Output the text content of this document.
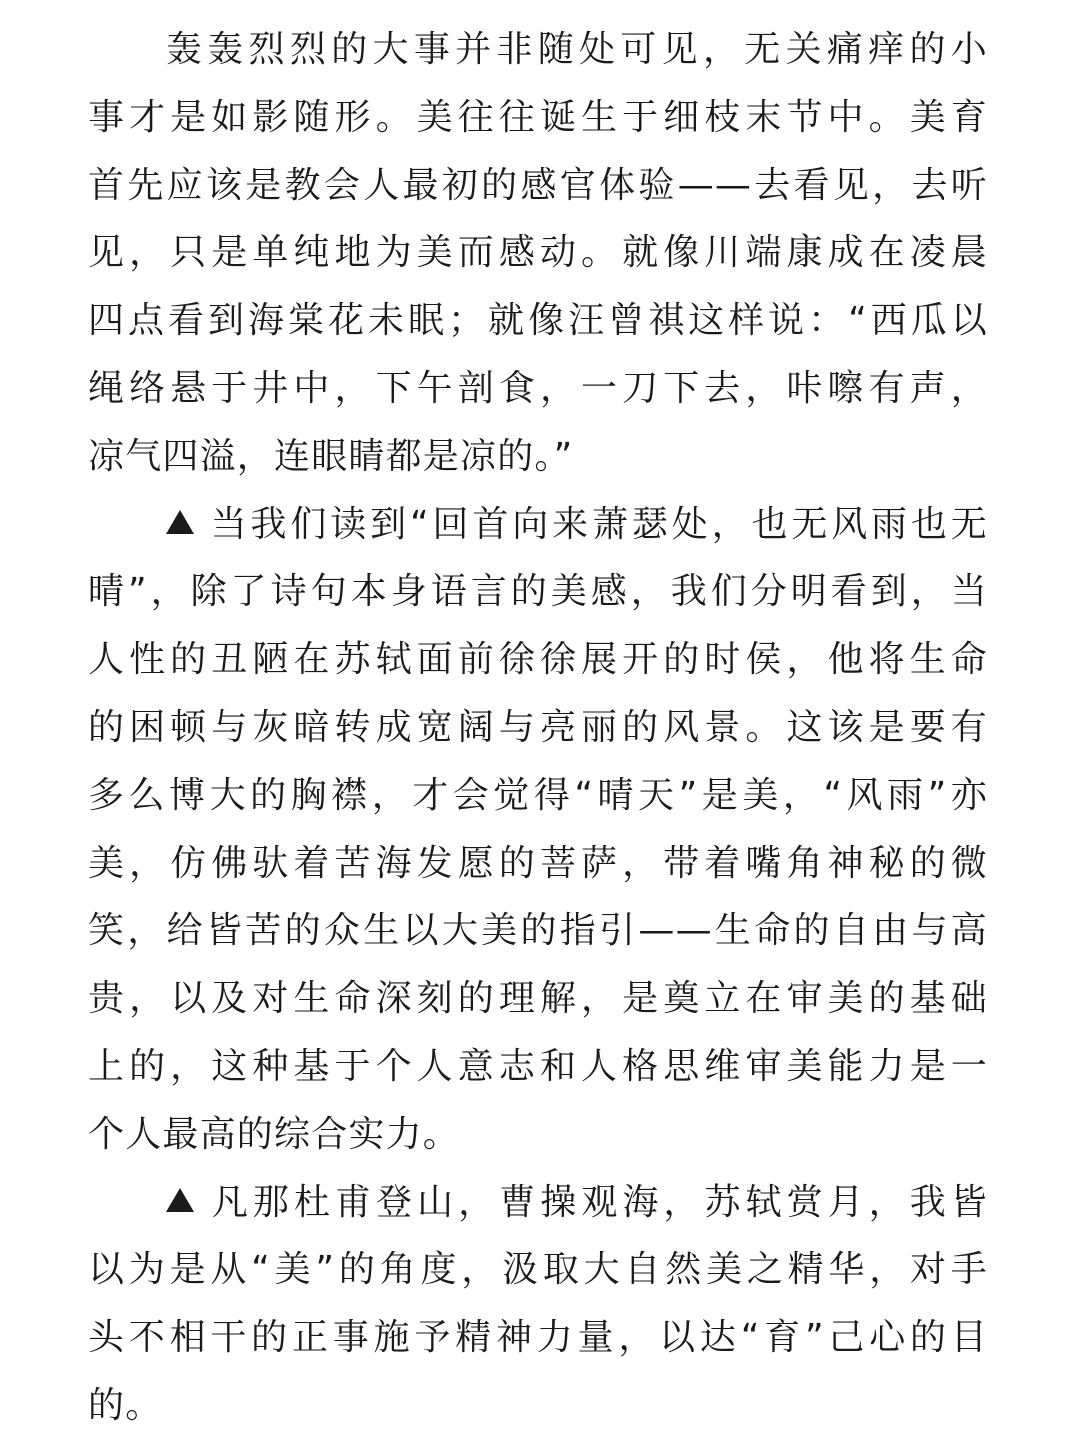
轰轰烈烈的大事并非随处可见，无关痛痒的小
事才是如影随形。美往往诞生于细枝末节中。美育
首先应该是教会人最初的感官体验——去看见，去听
见，只是单纯地为美而感动。就像川端康成在凌晨
四点看到海棠花未眠；就像汪曾祺这样说：“西瓜以
绳络悬于井中，下午剖食，一刀下去，咔嚓有声，
凉气四溢，连眼睛都是凉的。”
当我们读到“回首向来萧瑟处，也无风雨也无
晴”，除了诗句本身语言的美感，我们分明看到，当
人性的丑陋在苏轼面前徐徐展开的时侯，他将生命
的困顿与灰暗转成宽阔与亮丽的风景。这该是要有
多么博大的胸襟，才会觉得“晴天”是美，“风雨”亦
美，仿佛驮着苦海发愿的菩萨，带着嘴角神秘的微
笑，给皆苦的众生以大美的指引——生命的自由与高
贵，以及对生命深刻的理解，是奠立在审美的基础
上的，这种基于个人意志和人格思维审美能力是一
个人最高的综合实力。
凡那杜甫登山，曹操观海，苏轼赏月，我皆
以为是从“美”的角度，汲取大自然美之精华，对手
头不相干的正事施予精神力量，以达“育”己心的目
的。
